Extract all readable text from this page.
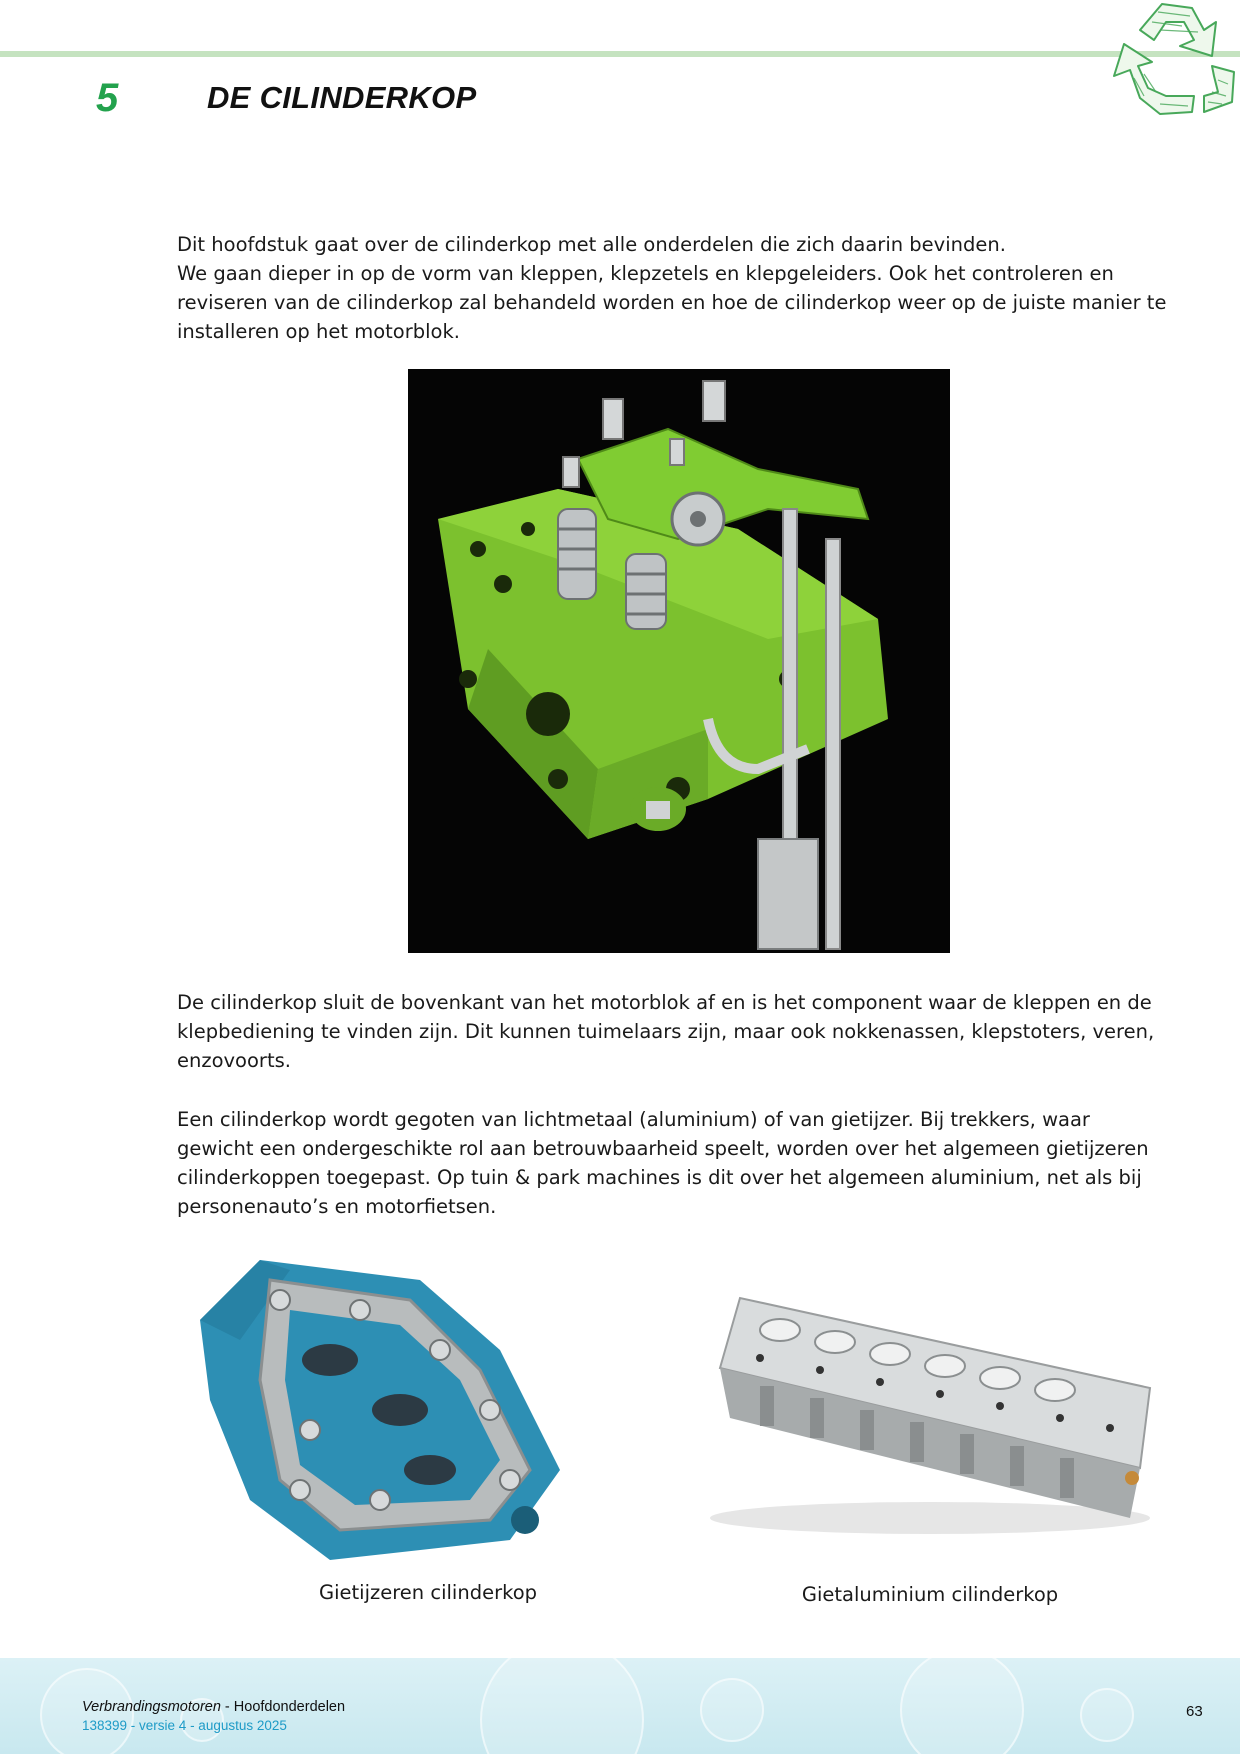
5	DE CILINDERKOP

Dit hoofdstuk gaat over de cilinderkop met alle onderdelen die zich daarin bevinden.
We gaan dieper in op de vorm van kleppen, klepzetels en klepgeleiders. Ook het controleren en reviseren van de cilinderkop zal behandeld worden en hoe de cilinderkop weer op de juiste manier te installeren op het motorblok.

De cilinderkop sluit de bovenkant van het motorblok af en is het component waar de kleppen en de klepbediening te vinden zijn. Dit kunnen tuimelaars zijn, maar ook nokkenassen, klepstoters, veren, enzovoorts.

Een cilinderkop wordt gegoten van lichtmetaal (aluminium) of van gietijzer. Bij trekkers, waar gewicht een ondergeschikte rol aan betrouwbaarheid speelt, worden over het algemeen gietijzeren cilinderkoppen toegepast. Op tuin & park machines is dit over het algemeen aluminium, net als bij personenauto’s en motorfietsen.

Gietijzeren cilinderkop	Gietaluminium cilinderkop
Verbrandingsmotoren - Hoofdonderdelen
138399 - versie 4 - augustus 2025
63
